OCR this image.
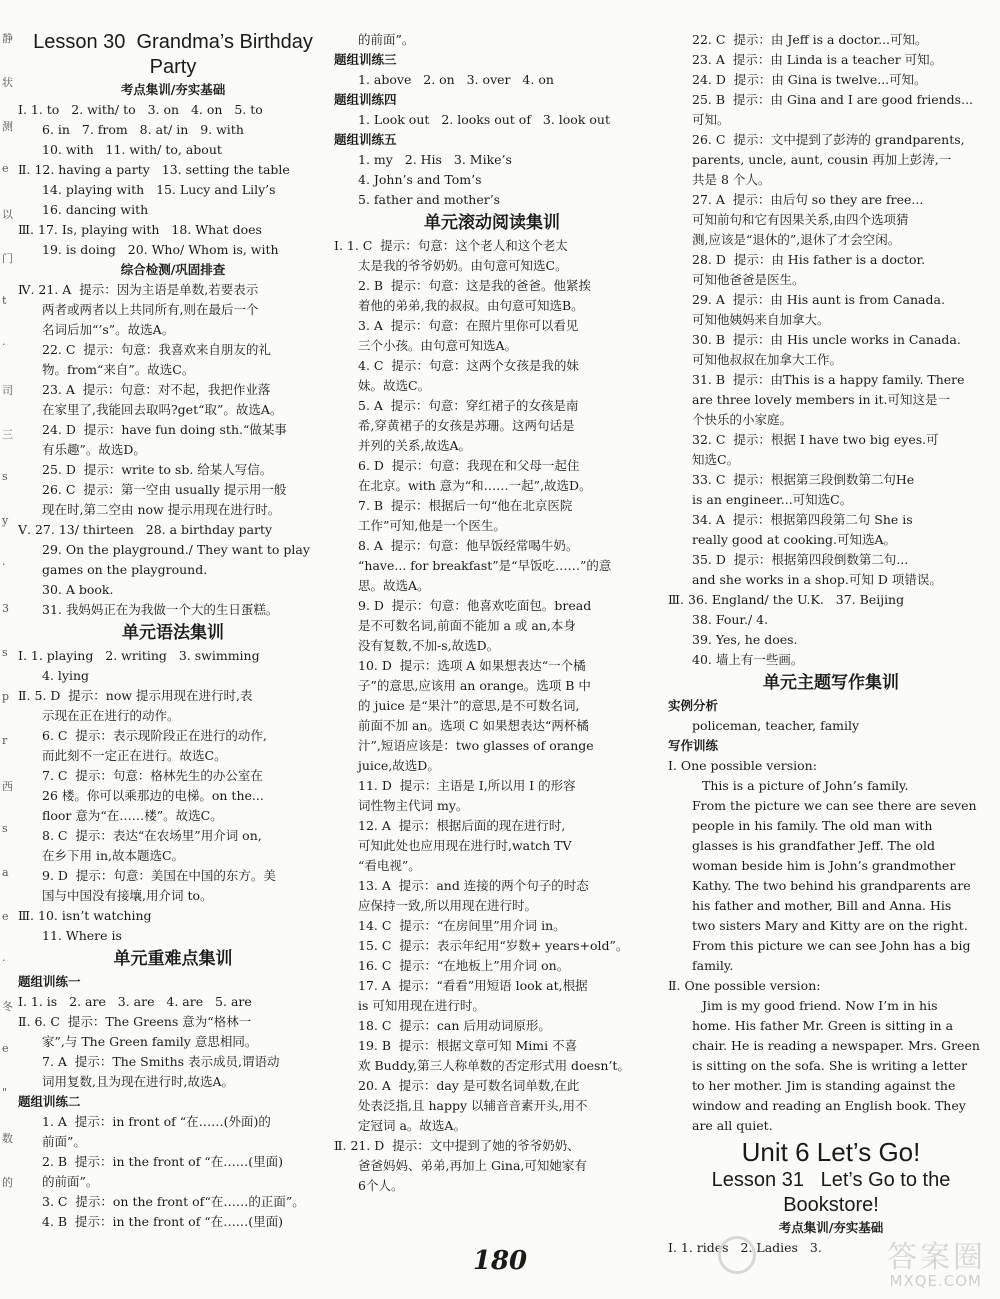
静
状
测
e
以
门
t
·
司
三
s
y
·
3
s
p
r
西
s
a
e
·
冬
e
"
数
的
Lesson 30  Grandma’s Birthday
Party
考点集训/夯实基础
Ⅰ. 1. to   2. with/ to   3. on   4. on   5. to
6. in   7. from   8. at/ in   9. with
10. with   11. with/ to, about
Ⅱ. 12. having a party   13. setting the table
14. playing with   15. Lucy and Lily’s
16. dancing with
Ⅲ. 17. Is, playing with   18. What does
19. is doing   20. Who/ Whom is, with
综合检测/巩固排查
Ⅳ. 21. A  提示：因为主语是单数,若要表示
两者或两者以上共同所有,则在最后一个
名词后加“’s”。故选A。
22. C  提示：句意：我喜欢来自朋友的礼
物。from“来自”。故选C。
23. A  提示：句意：对不起，我把作业落
在家里了,我能回去取吗?get“取”。故选A。
24. D  提示：have fun doing sth.“做某事
有乐趣”。故选D。
25. D  提示：write to sb. 给某人写信。
26. C  提示：第一空由 usually 提示用一般
现在时,第二空由 now 提示用现在进行时。
Ⅴ. 27. 13/ thirteen   28. a birthday party
29. On the playground./ They want to play
games on the playground.
30. A book.
31. 我妈妈正在为我做一个大的生日蛋糕。
单元语法集训
Ⅰ. 1. playing   2. writing   3. swimming
4. lying
Ⅱ. 5. D  提示：now 提示用现在进行时,表
示现在正在进行的动作。
6. C  提示：表示现阶段正在进行的动作,
而此刻不一定正在进行。故选C。
7. C  提示：句意：格林先生的办公室在
26 楼。你可以乘那边的电梯。on the...
floor 意为“在……楼”。故选C。
8. C  提示：表达“在农场里”用介词 on,
在乡下用 in,故本题选C。
9. D  提示：句意：美国在中国的东方。美
国与中国没有接壤,用介词 to。
Ⅲ. 10. isn’t watching
11. Where is
单元重难点集训
题组训练一
Ⅰ. 1. is   2. are   3. are   4. are   5. are
Ⅱ. 6. C  提示：The Greens 意为“格林一
家”,与 The Green family 意思相同。
7. A  提示：The Smiths 表示成员,谓语动
词用复数,且为现在进行时,故选A。
题组训练二
1. A  提示：in front of “在……(外面)的
前面”。
2. B  提示：in the front of “在……(里面)
的前面”。
3. C  提示：on the front of“在……的正面”。
4. B  提示：in the front of “在……(里面)
的前面”。
题组训练三
1. above   2. on   3. over   4. on
题组训练四
1. Look out   2. looks out of   3. look out
题组训练五
1. my   2. His   3. Mike’s
4. John’s and Tom’s
5. father and mother’s
单元滚动阅读集训
Ⅰ. 1. C  提示：句意：这个老人和这个老太
太是我的爷爷奶奶。由句意可知选C。
2. B  提示：句意：这是我的爸爸。他紧挨
着他的弟弟,我的叔叔。由句意可知选B。
3. A  提示：句意：在照片里你可以看见
三个小孩。由句意可知选A。
4. C  提示：句意：这两个女孩是我的妹
妹。故选C。
5. A  提示：句意：穿红裙子的女孩是南
希,穿黄裙子的女孩是苏珊。这两句话是
并列的关系,故选A。
6. D  提示：句意：我现在和父母一起住
在北京。with 意为“和……一起”,故选D。
7. B  提示：根据后一句“他在北京医院
工作”可知,他是一个医生。
8. A  提示：句意：他早饭经常喝牛奶。
“have... for breakfast”是“早饭吃……”的意
思。故选A。
9. D  提示：句意：他喜欢吃面包。bread
是不可数名词,前面不能加 a 或 an,本身
没有复数,不加-s,故选D。
10. D  提示：选项 A 如果想表达“一个橘
子”的意思,应该用 an orange。选项 B 中
的 juice 是“果汁”的意思,是不可数名词,
前面不加 an。选项 C 如果想表达“两杯橘
汁”,短语应该是：two glasses of orange
juice,故选D。
11. D  提示：主语是 I,所以用 I 的形容
词性物主代词 my。
12. A  提示：根据后面的现在进行时,
可知此处也应用现在进行时,watch TV
“看电视”。
13. A  提示：and 连接的两个句子的时态
应保持一致,所以用现在进行时。
14. C  提示：“在房间里”用介词 in。
15. C  提示：表示年纪用“岁数+ years+old”。
16. C  提示：“在地板上”用介词 on。
17. A  提示：“看看”用短语 look at,根据
is 可知用现在进行时。
18. C  提示：can 后用动词原形。
19. B  提示：根据文章可知 Mimi 不喜
欢 Buddy,第三人称单数的否定形式用 doesn’t。
20. A  提示：day 是可数名词单数,在此
处表泛指,且 happy 以辅音音素开头,用不
定冠词 a。故选A。
Ⅱ. 21. D  提示：文中提到了她的爷爷奶奶、
爸爸妈妈、弟弟,再加上 Gina,可知她家有
6个人。
22. C  提示：由 Jeff is a doctor...可知。
23. A  提示：由 Linda is a teacher 可知。
24. D  提示：由 Gina is twelve...可知。
25. B  提示：由 Gina and I are good friends...
可知。
26. C  提示：文中提到了彭涛的 grandparents,
parents, uncle, aunt, cousin 再加上彭涛,一
共是 8 个人。
27. A  提示：由后句 so they are free...
可知前句和它有因果关系,由四个选项猜
测,应该是“退休的”,退休了才会空闲。
28. D  提示：由 His father is a doctor.
可知他爸爸是医生。
29. A  提示：由 His aunt is from Canada.
可知他姨妈来自加拿大。
30. B  提示：由 His uncle works in Canada.
可知他叔叔在加拿大工作。
31. B  提示：由This is a happy family. There
are three lovely members in it.可知这是一
个快乐的小家庭。
32. C  提示：根据 I have two big eyes.可
知选C。
33. C  提示：根据第三段倒数第二句He
is an engineer...可知选C。
34. A  提示：根据第四段第二句 She is
really good at cooking.可知选A。
35. D  提示：根据第四段倒数第二句...
and she works in a shop.可知 D 项错误。
Ⅲ. 36. England/ the U.K.   37. Beijing
38. Four./ 4.
39. Yes, he does.
40. 墙上有一些画。
单元主题写作集训
实例分析
policeman, teacher, family
写作训练
Ⅰ. One possible version:
This is a picture of John’s family.
From the picture we can see there are seven
people in his family. The old man with
glasses is his grandfather Jeff. The old
woman beside him is John’s grandmother
Kathy. The two behind his grandparents are
his father and mother, Bill and Anna. His
two sisters Mary and Kitty are on the right.
From this picture we can see John has a big
family.
Ⅱ. One possible version:
Jim is my good friend. Now I’m in his
home. His father Mr. Green is sitting in a
chair. He is reading a newspaper. Mrs. Green
is sitting on the sofa. She is writing a letter
to her mother. Jim is standing against the
window and reading an English book. They
are all quiet.
Unit 6 Let’s Go!
Lesson 31   Let’s Go to the
Bookstore!
考点集训/夯实基础
Ⅰ. 1. rides   2. Ladies   3.
180	答案圈
MXQE.COM
